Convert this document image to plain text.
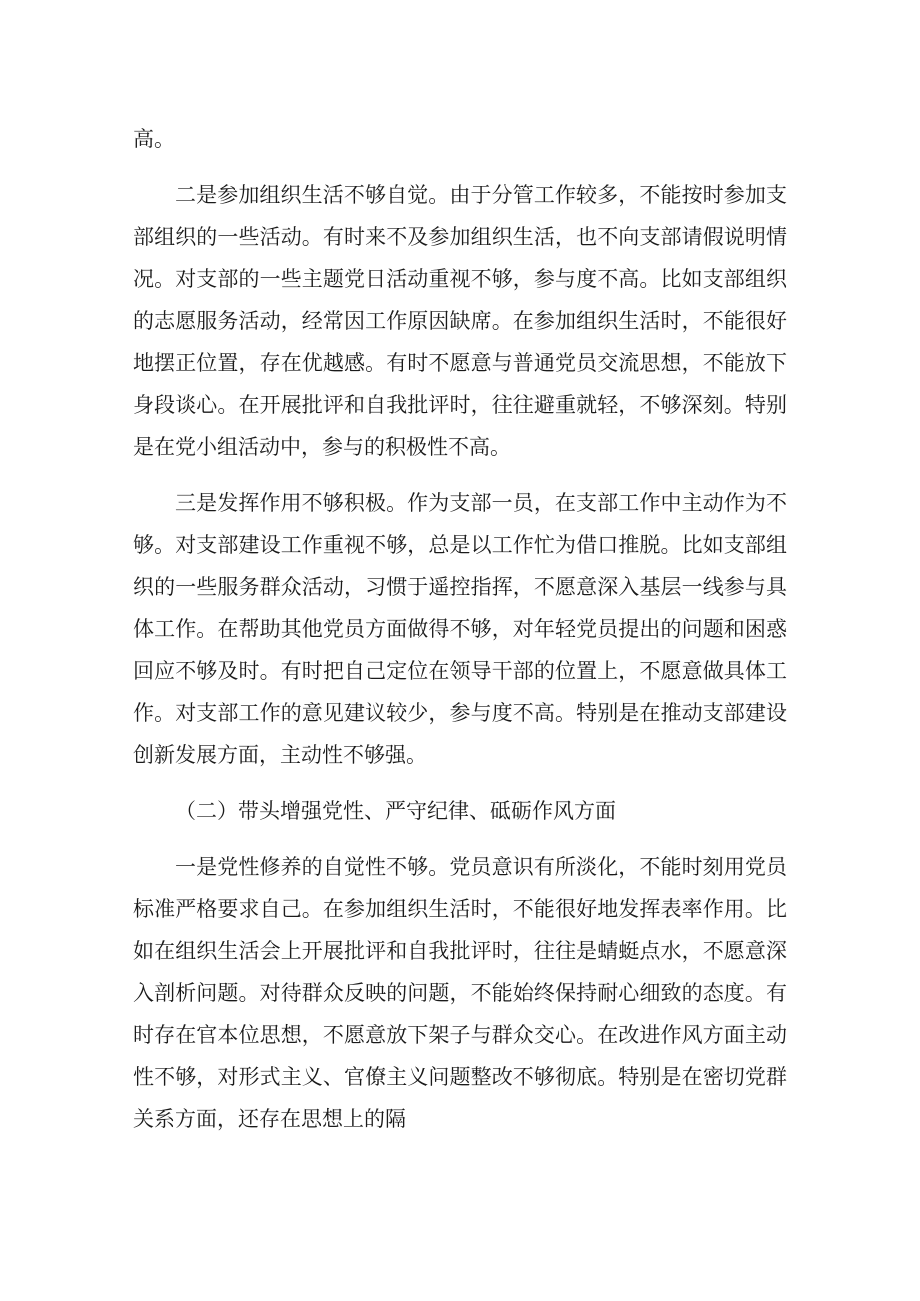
高。

二是参加组织生活不够自觉。由于分管工作较多，不能按时参加支部组织的一些活动。有时来不及参加组织生活，也不向支部请假说明情况。对支部的一些主题党日活动重视不够，参与度不高。比如支部组织的志愿服务活动，经常因工作原因缺席。在参加组织生活时，不能很好地摆正位置，存在优越感。有时不愿意与普通党员交流思想，不能放下身段谈心。在开展批评和自我批评时，往往避重就轻，不够深刻。特别是在党小组活动中，参与的积极性不高。

三是发挥作用不够积极。作为支部一员，在支部工作中主动作为不够。对支部建设工作重视不够，总是以工作忙为借口推脱。比如支部组织的一些服务群众活动，习惯于遥控指挥，不愿意深入基层一线参与具体工作。在帮助其他党员方面做得不够，对年轻党员提出的问题和困惑回应不够及时。有时把自己定位在领导干部的位置上，不愿意做具体工作。对支部工作的意见建议较少，参与度不高。特别是在推动支部建设创新发展方面，主动性不够强。

（二）带头增强党性、严守纪律、砥砺作风方面

一是党性修养的自觉性不够。党员意识有所淡化，不能时刻用党员标准严格要求自己。在参加组织生活时，不能很好地发挥表率作用。比如在组织生活会上开展批评和自我批评时，往往是蜻蜓点水，不愿意深入剖析问题。对待群众反映的问题，不能始终保持耐心细致的态度。有时存在官本位思想，不愿意放下架子与群众交心。在改进作风方面主动性不够，对形式主义、官僚主义问题整改不够彻底。特别是在密切党群关系方面，还存在思想上的隔
